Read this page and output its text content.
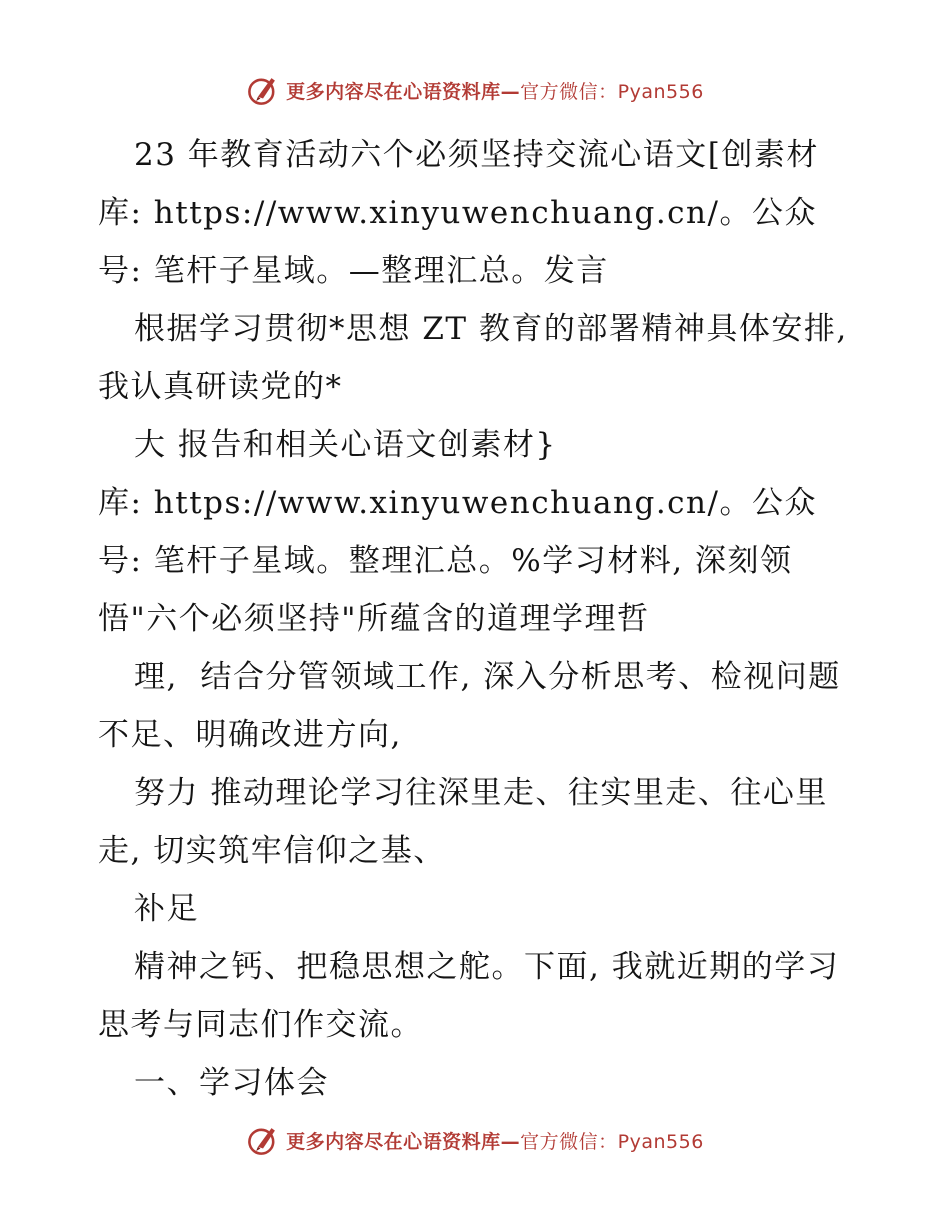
更多内容尽在心语资料库— 官方微信：Pyan556

23 年教育活动六个必须坚持交流心语文[创素材库: https://www.xinyuwenchuang.cn/。公众号: 笔杆子星域。—整理汇总。发言

根据学习贯彻*思想 ZT 教育的部署精神具体安排, 我认真研读党的*

大 报告和相关心语文创素材}

库: https://www.xinyuwenchuang.cn/。公众号: 笔杆子星域。整理汇总。%学习材料, 深刻领悟"六个必须坚持"所蕴含的道理学理哲

理,  结合分管领域工作, 深入分析思考、检视问题不足、明确改进方向,

努力 推动理论学习往深里走、往实里走、往心里走, 切实筑牢信仰之基、

补足

精神之钙、把稳思想之舵。下面, 我就近期的学习思考与同志们作交流。

一、学习体会

更多内容尽在心语资料库— 官方微信：Pyan556
